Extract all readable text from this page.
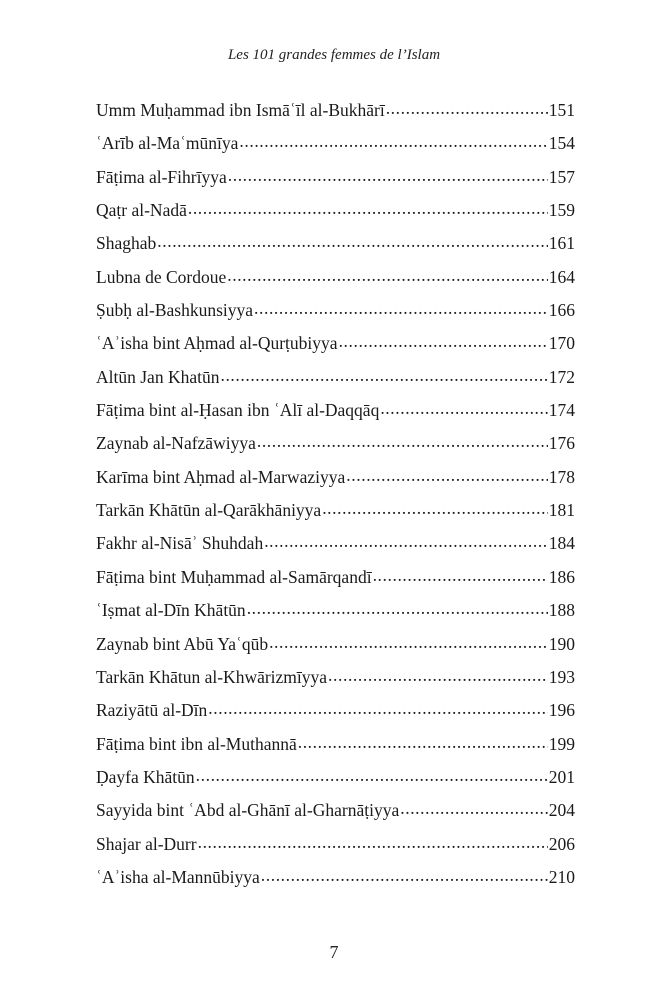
Les 101 grandes femmes de l’Islam
Umm Muḥammad ibn Ismāʿīl al-Bukhārī .....	151
ʿArīb al-Maʿmūnīya .....	154
Fāṭima al-Fihrīyya .....	157
Qaṭr al-Nadā .....	159
Shaghab .....	161
Lubna de Cordoue .....	164
Ṣubḥ al-Bashkunsiyya .....	166
ʿAʾisha bint Aḥmad al-Qurṭubiyya .....	170
Altūn Jan Khatūn .....	172
Fāṭima bint al-Ḥasan ibn ʿAlī al-Daqqāq .....	174
Zaynab al-Nafzāwiyya .....	176
Karīma bint Aḥmad al-Marwaziyya .....	178
Tarkān Khātūn al-Qarākhāniyya .....	181
Fakhr al-Nisāʾ Shuhdah .....	184
Fāṭima bint Muḥammad al-Samārqandī .....	186
ʿIṣmat al-Dīn Khātūn .....	188
Zaynab bint Abū Yaʿqūb .....	190
Tarkān Khātun al-Khwārizmīyya .....	193
Raziyātū al-Dīn .....	196
Fāṭima bint ibn al-Muthannā .....	199
Ḍayfa Khātūn .....	201
Sayyida bint ʿAbd al-Ghānī al-Gharnāṭiyya .....	204
Shajar al-Durr .....	206
ʿAʾisha al-Mannūbiyya .....	210
7
